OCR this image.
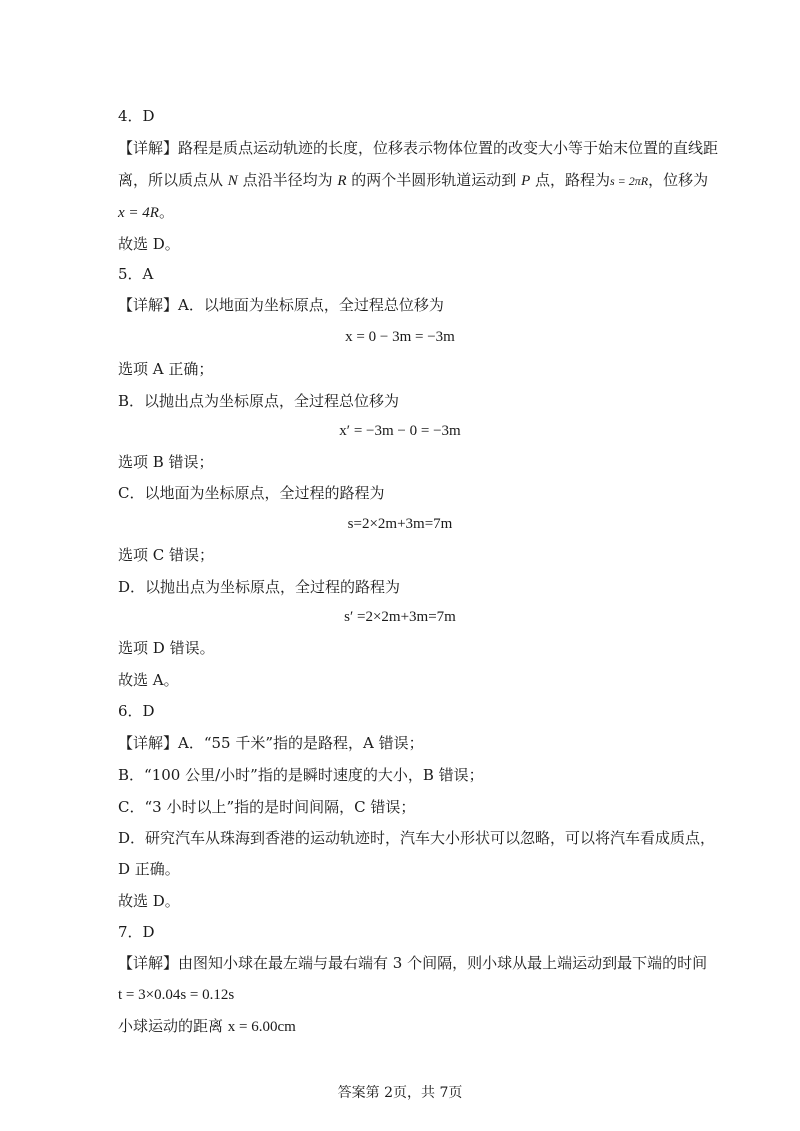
4．D
【详解】路程是质点运动轨迹的长度，位移表示物体位置的改变大小等于始末位置的直线距
离，所以质点从 N 点沿半径均为 R 的两个半圆形轨道运动到 P 点，路程为s = 2πR，位移为
x = 4R。
故选 D。
5．A
【详解】A．以地面为坐标原点，全过程总位移为
x = 0 − 3m = −3m
选项 A 正确；
B．以抛出点为坐标原点，全过程总位移为
x′ = −3m − 0 = −3m
选项 B 错误；
C．以地面为坐标原点，全过程的路程为
s=2×2m+3m=7m
选项 C 错误；
D．以抛出点为坐标原点，全过程的路程为
s′ =2×2m+3m=7m
选项 D 错误。
故选 A。
6．D
【详解】A．“55 千米”指的是路程，A 错误；
B．“100 公里/小时”指的是瞬时速度的大小，B 错误；
C．“3 小时以上”指的是时间间隔，C 错误；
D．研究汽车从珠海到香港的运动轨迹时，汽车大小形状可以忽略，可以将汽车看成质点，
D 正确。
故选 D。
7．D
【详解】由图知小球在最左端与最右端有 3 个间隔，则小球从最上端运动到最下端的时间
t = 3×0.04s = 0.12s
小球运动的距离 x = 6.00cm
答案第 2页，共 7页
